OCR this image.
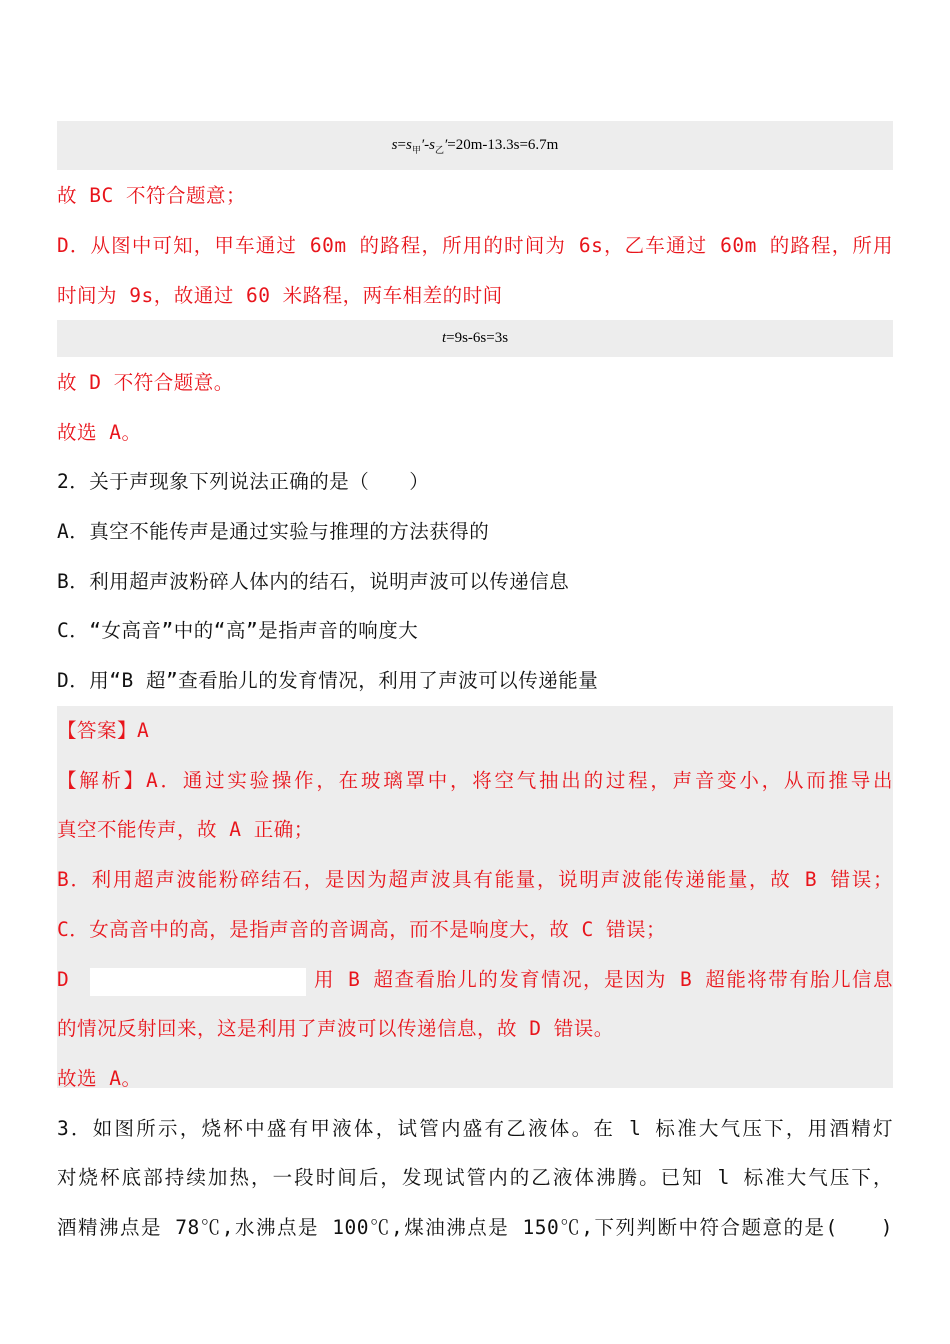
$s=s_甲'-s_乙'=20m-13.3s=6.7m$
故 BC 不符合题意；
D．从图中可知，甲车通过 60m 的路程，所用的时间为 6s，乙车通过 60m 的路程，所用
时间为 9s，故通过 60 米路程，两车相差的时间
t=9s-6s=3s
故 D 不符合题意。
故选 A。
2．关于声现象下列说法正确的是（　　）
A．真空不能传声是通过实验与推理的方法获得的
B．利用超声波粉碎人体内的结石，说明声波可以传递信息
C．“女高音”中的“高”是指声音的响度大
D．用“B 超”查看胎儿的发育情况，利用了声波可以传递能量
【答案】A
【解析】A．通过实验操作，在玻璃罩中，将空气抽出的过程，声音变小，从而推导出
真空不能传声，故 A 正确；
B．利用超声波能粉碎结石，是因为超声波具有能量，说明声波能传递能量，故 B 错误；
C．女高音中的高，是指声音的音调高，而不是响度大，故 C 错误；
D	用 B 超查看胎儿的发育情况，是因为 B 超能将带有胎儿信息
的情况反射回来，这是利用了声波可以传递信息，故 D 错误。
故选 A。
3．如图所示，烧杯中盛有甲液体，试管内盛有乙液体。在 l 标准大气压下，用酒精灯
对烧杯底部持续加热，一段时间后，发现试管内的乙液体沸腾。已知 l 标准大气压下，
酒精沸点是 78℃,水沸点是 100℃,煤油沸点是 150℃,下列判断中符合题意的是(　　)
